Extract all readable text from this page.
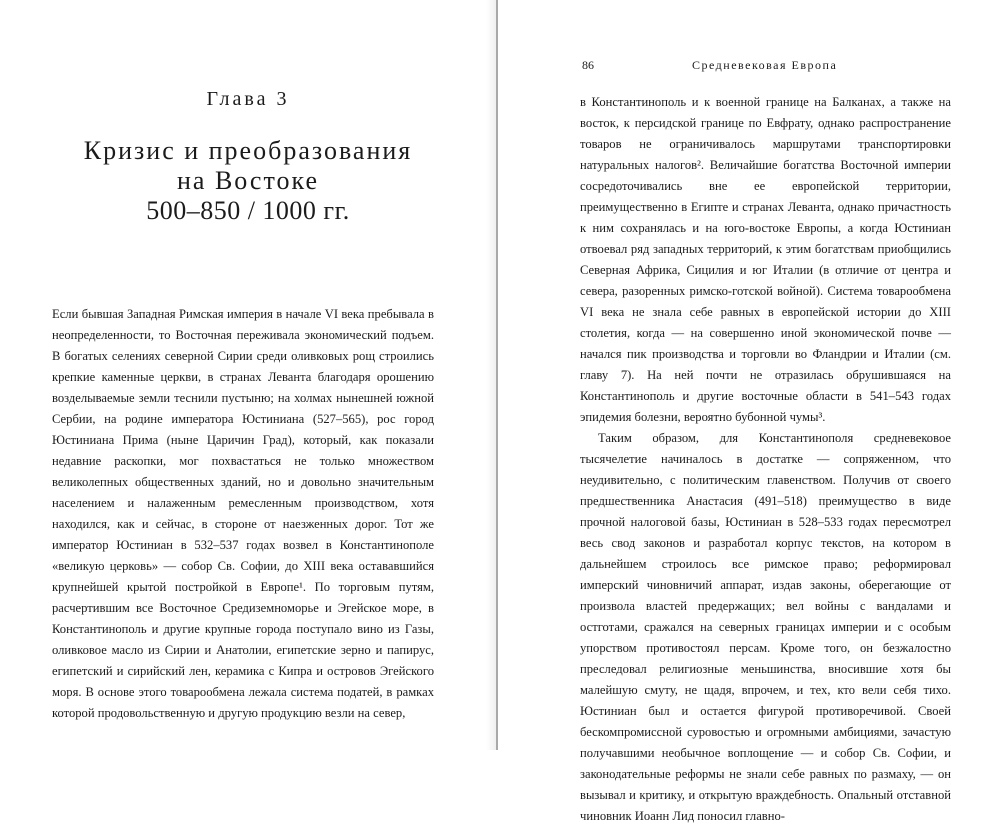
Глава 3
Кризис и преобразования
на Востоке
500–850 / 1000 гг.

Если бывшая Западная Римская империя в начале VI века пребывала в неопределенности, то Восточная переживала экономический подъем. В богатых селениях северной Сирии среди оливковых рощ строились крепкие каменные церкви, в странах Леванта благодаря орошению возделываемые земли теснили пустыню; на холмах нынешней южной Сербии, на родине императора Юстиниана (527–565), рос город Юстиниана Прима (ныне Царичин Град), который, как показали недавние раскопки, мог похвастаться не только множеством великолепных общественных зданий, но и довольно значительным населением и налаженным ремесленным производством, хотя находился, как и сейчас, в стороне от наезженных дорог. Тот же император Юстиниан в 532–537 годах возвел в Константинополе «великую церковь» — собор Св. Софии, до XIII века остававшийся крупнейшей крытой постройкой в Европе¹. По торговым путям, расчертившим все Восточное Средиземноморье и Эгейское море, в Константинополь и другие крупные города поступало вино из Газы, оливковое масло из Сирии и Анатолии, египетские зерно и папирус, египетский и сирийский лен, керамика с Кипра и островов Эгейского моря. В основе этого товарообмена лежала система податей, в рамках которой продовольственную и другую продукцию везли на север,

86	Средневековая Европа

в Константинополь и к военной границе на Балканах, а также на восток, к персидской границе по Евфрату, однако распространение товаров не ограничивалось маршрутами транспортировки натуральных налогов². Величайшие богатства Восточной империи сосредоточивались вне ее европейской территории, преимущественно в Египте и странах Леванта, однако причастность к ним сохранялась и на юго-востоке Европы, а когда Юстиниан отвоевал ряд западных территорий, к этим богатствам приобщились Северная Африка, Сицилия и юг Италии (в отличие от центра и севера, разоренных римско-готской войной). Система товарообмена VI века не знала себе равных в европейской истории до XIII столетия, когда — на совершенно иной экономической почве — начался пик производства и торговли во Фландрии и Италии (см. главу 7). На ней почти не отразилась обрушившаяся на Константинополь и другие восточные области в 541–543 годах эпидемия болезни, вероятно бубонной чумы³.

Таким образом, для Константинополя средневековое тысячелетие начиналось в достатке — сопряженном, что неудивительно, с политическим главенством. Получив от своего предшественника Анастасия (491–518) преимущество в виде прочной налоговой базы, Юстиниан в 528–533 годах пересмотрел весь свод законов и разработал корпус текстов, на котором в дальнейшем строилось все римское право; реформировал имперский чиновничий аппарат, издав законы, оберегающие от произвола властей предержащих; вел войны с вандалами и остготами, сражался на северных границах империи и с особым упорством противостоял персам. Кроме того, он безжалостно преследовал религиозные меньшинства, вносившие хотя бы малейшую смуту, не щадя, впрочем, и тех, кто вели себя тихо. Юстиниан был и остается фигурой противоречивой. Своей бескомпромиссной суровостью и огромными амбициями, зачастую получавшими необычное воплощение — и собор Св. Софии, и законодательные реформы не знали себе равных по размаху, — он вызывал и критику, и открытую враждебность. Опальный отставной чиновник Иоанн Лид поносил главно-
